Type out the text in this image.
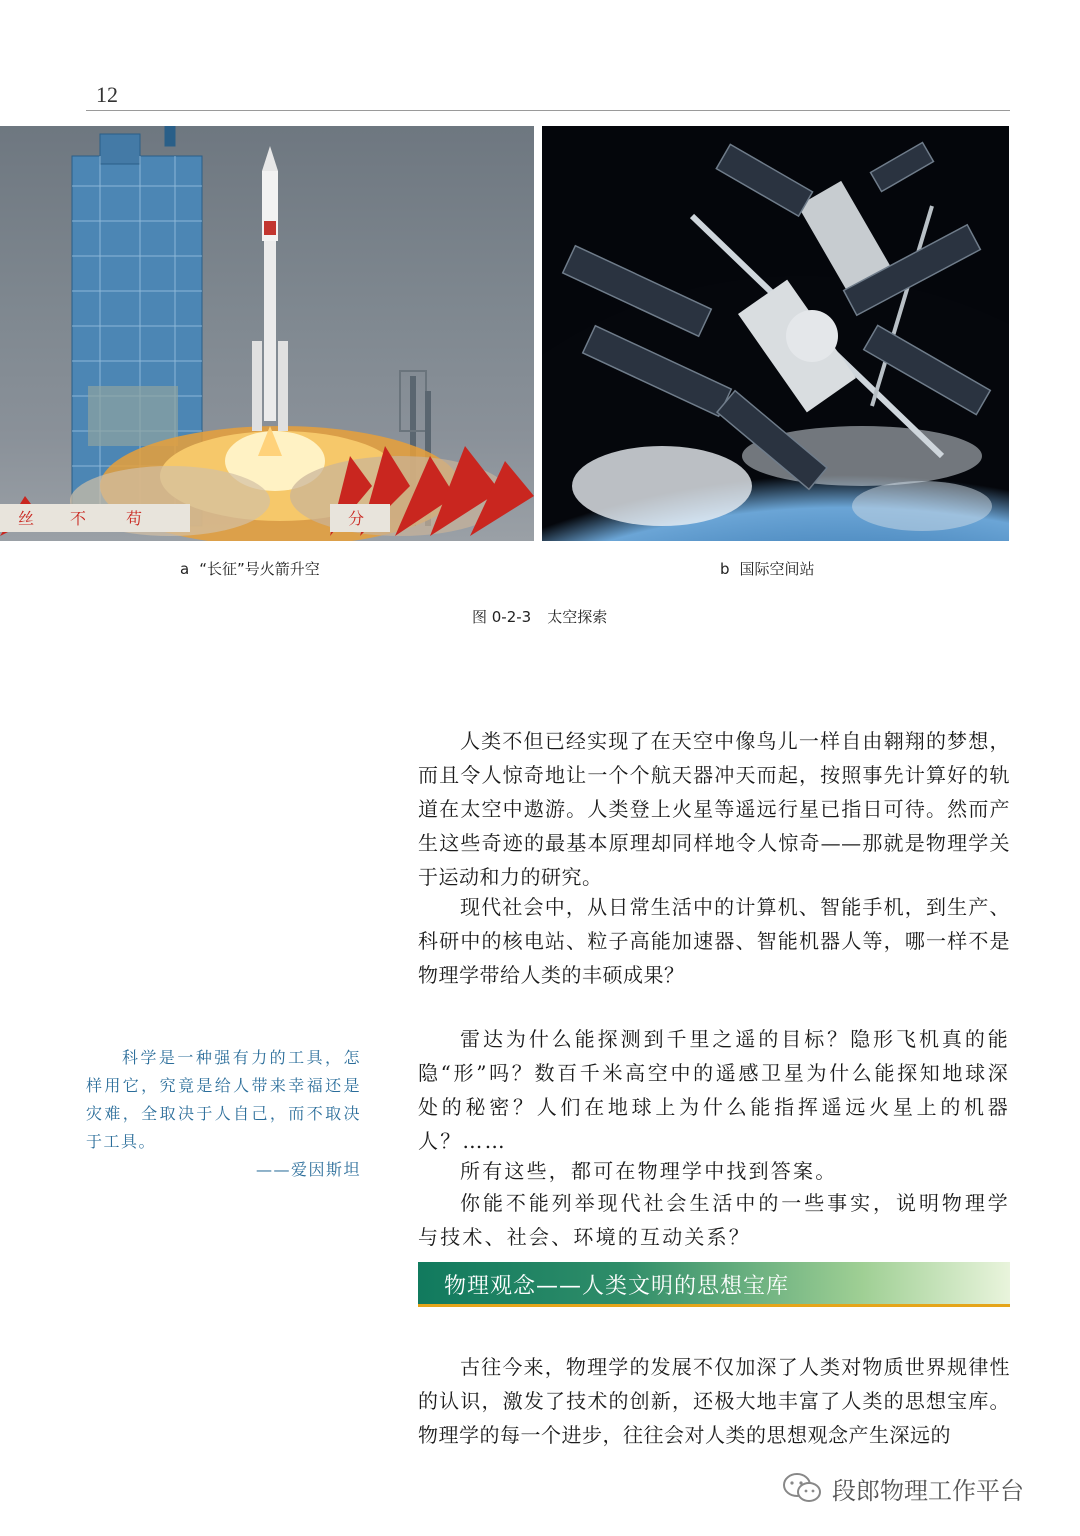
12
丝 不 苟	分
a “长征”号火箭升空	b 国际空间站
图 0-2-3 太空探索

人类不但已经实现了在天空中像鸟儿一样自由翱翔的梦想，而且令人惊奇地让一个个航天器冲天而起，按照事先计算好的轨道在太空中遨游。人类登上火星等遥远行星已指日可待。然而产生这些奇迹的最基本原理却同样地令人惊奇——那就是物理学关于运动和力的研究。

现代社会中，从日常生活中的计算机、智能手机，到生产、科研中的核电站、粒子高能加速器、智能机器人等，哪一样不是物理学带给人类的丰硕成果？

雷达为什么能探测到千里之遥的目标？隐形飞机真的能隐“形”吗？数百千米高空中的遥感卫星为什么能探知地球深处的秘密？人们在地球上为什么能指挥遥远火星上的机器人？……

所有这些，都可在物理学中找到答案。

你能不能列举现代社会生活中的一些事实，说明物理学与技术、社会、环境的互动关系？

科学是一种强有力的工具，怎样用它，究竟是给人带来幸福还是灾难，全取决于人自己，而不取决于工具。
——爱因斯坦
物理观念——人类文明的思想宝库

古往今来，物理学的发展不仅加深了人类对物质世界规律性的认识，激发了技术的创新，还极大地丰富了人类的思想宝库。物理学的每一个进步，往往会对人类的思想观念产生深远的

段郎物理工作平台
